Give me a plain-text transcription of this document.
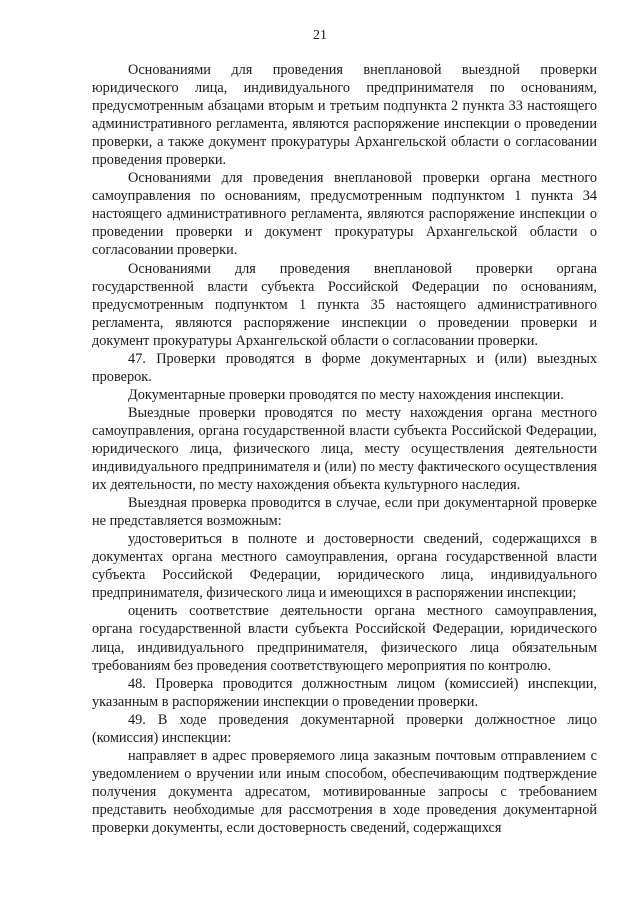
21

Основаниями для проведения внеплановой выездной проверки юридического лица, индивидуального предпринимателя по основаниям, предусмотренным абзацами вторым и третьим подпункта 2 пункта 33 настоящего административного регламента, являются распоряжение инспекции о проведении проверки, а также документ прокуратуры Архангельской области о согласовании проведения проверки.

Основаниями для проведения внеплановой проверки органа местного самоуправления по основаниям, предусмотренным подпунктом 1 пункта 34 настоящего административного регламента, являются распоряжение инспекции о проведении проверки и документ прокуратуры Архангельской области о согласовании проверки.

Основаниями для проведения внеплановой проверки органа государственной власти субъекта Российской Федерации по основаниям, предусмотренным подпунктом 1 пункта 35 настоящего административного регламента, являются распоряжение инспекции о проведении проверки и документ прокуратуры Архангельской области о согласовании проверки.

47. Проверки проводятся в форме документарных и (или) выездных проверок.

Документарные проверки проводятся по месту нахождения инспекции.

Выездные проверки проводятся по месту нахождения органа местного самоуправления, органа государственной власти субъекта Российской Федерации, юридического лица, физического лица, месту осуществления деятельности индивидуального предпринимателя и (или) по месту фактического осуществления их деятельности, по месту нахождения объекта культурного наследия.

Выездная проверка проводится в случае, если при документарной проверке не представляется возможным:

удостовериться в полноте и достоверности сведений, содержащихся в документах органа местного самоуправления, органа государственной власти субъекта Российской Федерации, юридического лица, индивидуального предпринимателя, физического лица и имеющихся в распоряжении инспекции;

оценить соответствие деятельности органа местного самоуправления, органа государственной власти субъекта Российской Федерации, юридического лица, индивидуального предпринимателя, физического лица обязательным требованиям без проведения соответствующего мероприятия по контролю.

48. Проверка проводится должностным лицом (комиссией) инспекции, указанным в распоряжении инспекции о проведении проверки.

49. В ходе проведения документарной проверки должностное лицо (комиссия) инспекции:

направляет в адрес проверяемого лица заказным почтовым отправлением с уведомлением о вручении или иным способом, обеспечивающим подтверждение получения документа адресатом, мотивированные запросы с требованием представить необходимые для рассмотрения в ходе проведения документарной проверки документы, если достоверность сведений, содержащихся
